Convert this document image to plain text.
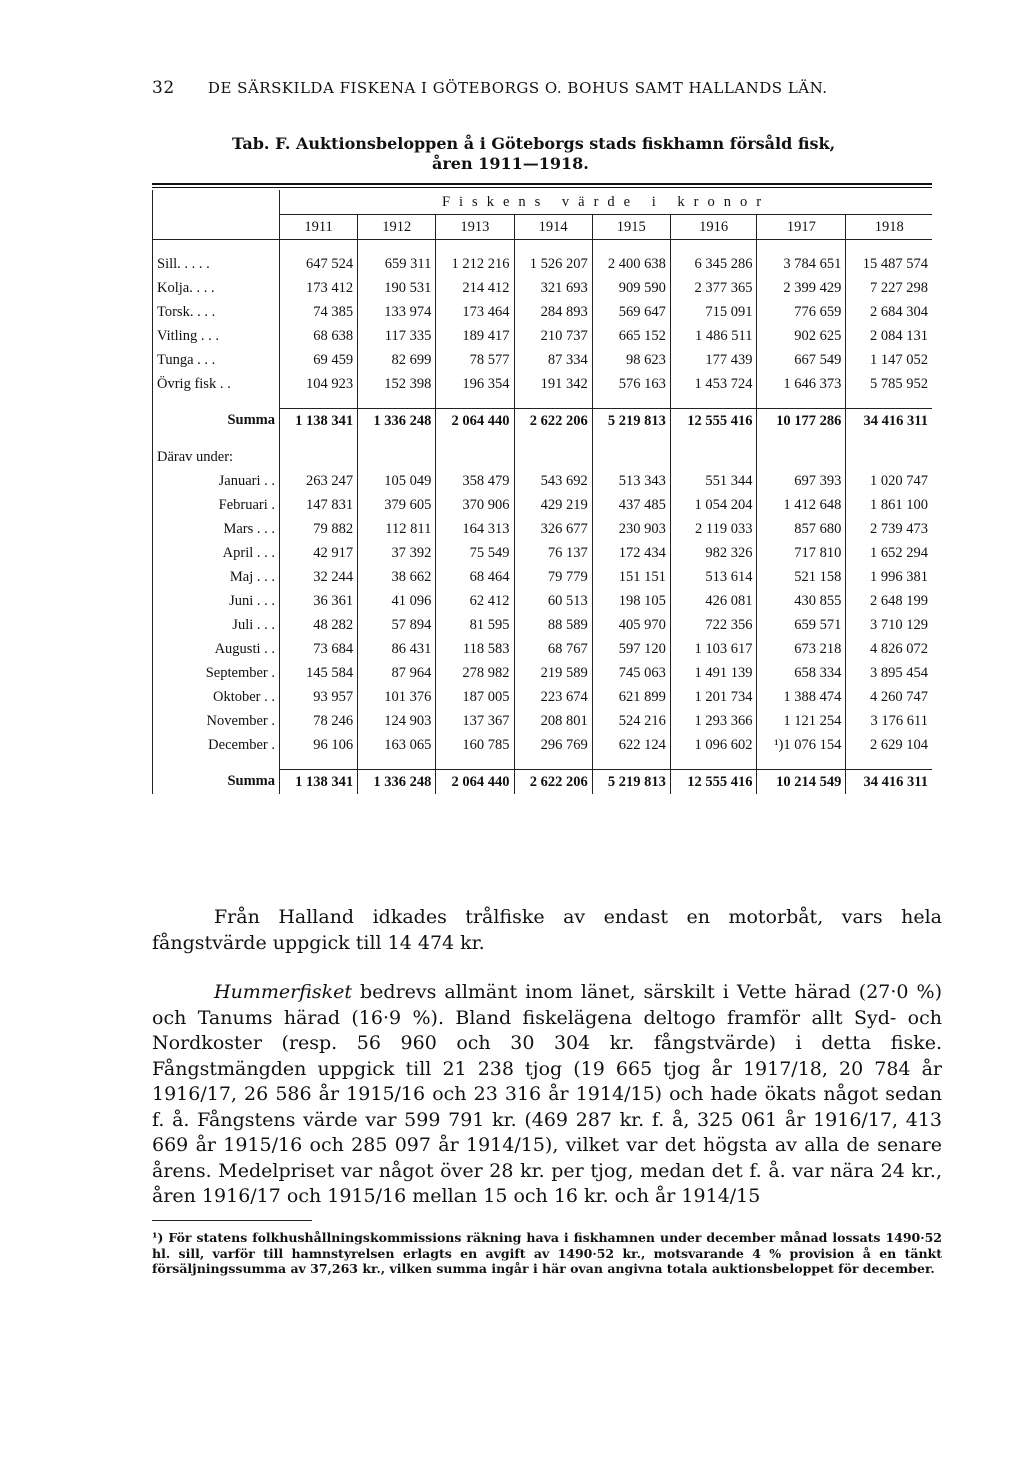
32 DE SÄRSKILDA FISKENA I GÖTEBORGS O. BOHUS SAMT HALLANDS LÄN.
Tab. F. Auktionsbeloppen å i Göteborgs stads fiskhamn försåld fisk,
åren 1911—1918.
	Fiskens värde i kronor							
	1911	1912	1913	1914	1915	1916	1917	1918

Sill. . . . .	647 524	659 311	1 212 216	1 526 207	2 400 638	6 345 286	3 784 651	15 487 574
Kolja. . . .	173 412	190 531	214 412	321 693	909 590	2 377 365	2 399 429	7 227 298
Torsk. . . .	74 385	133 974	173 464	284 893	569 647	715 091	776 659	2 684 304
Vitling . . .	68 638	117 335	189 417	210 737	665 152	1 486 511	902 625	2 084 131
Tunga . . .	69 459	82 699	78 577	87 334	98 623	177 439	667 549	1 147 052
Övrig fisk . .	104 923	152 398	196 354	191 342	576 163	1 453 724	1 646 373	5 785 952

Summa	1 138 341	1 336 248	2 064 440	2 622 206	5 219 813	12 555 416	10 177 286	34 416 311

Därav under:								
Januari . .	263 247	105 049	358 479	543 692	513 343	551 344	697 393	1 020 747
Februari .	147 831	379 605	370 906	429 219	437 485	1 054 204	1 412 648	1 861 100
Mars . . .	79 882	112 811	164 313	326 677	230 903	2 119 033	857 680	2 739 473
April . . .	42 917	37 392	75 549	76 137	172 434	982 326	717 810	1 652 294
Maj . . .	32 244	38 662	68 464	79 779	151 151	513 614	521 158	1 996 381
Juni . . .	36 361	41 096	62 412	60 513	198 105	426 081	430 855	2 648 199
Juli . . .	48 282	57 894	81 595	88 589	405 970	722 356	659 571	3 710 129
Augusti . .	73 684	86 431	118 583	68 767	597 120	1 103 617	673 218	4 826 072
September .	145 584	87 964	278 982	219 589	745 063	1 491 139	658 334	3 895 454
Oktober . .	93 957	101 376	187 005	223 674	621 899	1 201 734	1 388 474	4 260 747
November .	78 246	124 903	137 367	208 801	524 216	1 293 366	1 121 254	3 176 611
December .	96 106	163 065	160 785	296 769	622 124	1 096 602	¹)1 076 154	2 629 104

Summa	1 138 341	1 336 248	2 064 440	2 622 206	5 219 813	12 555 416	10 214 549	34 416 311
Från Halland idkades trålfiske av endast en motorbåt, vars hela fångstvärde uppgick till 14 474 kr.
Hummerfisket bedrevs allmänt inom länet, särskilt i Vette härad (27·0 %) och Tanums härad (16·9 %). Bland fiskelägena deltogo framför allt Syd- och Nordkoster (resp. 56 960 och 30 304 kr. fångstvärde) i detta fiske. Fångstmängden uppgick till 21 238 tjog (19 665 tjog år 1917/18, 20 784 år 1916/17, 26 586 år 1915/16 och 23 316 år 1914/15) och hade ökats något sedan f. å. Fångstens värde var 599 791 kr. (469 287 kr. f. å, 325 061 år 1916/17, 413 669 år 1915/16 och 285 097 år 1914/15), vilket var det högsta av alla de senare årens. Medelpriset var något över 28 kr. per tjog, medan det f. å. var nära 24 kr., åren 1916/17 och 1915/16 mellan 15 och 16 kr. och år 1914/15
¹) För statens folkhushållningskommissions räkning hava i fiskhamnen under december månad lossats 1490·52 hl. sill, varför till hamnstyrelsen erlagts en avgift av 1490·52 kr., motsvarande 4 % provision å en tänkt försäljningssumma av 37,263 kr., vilken summa ingår i här ovan angivna totala auktionsbeloppet för december.
